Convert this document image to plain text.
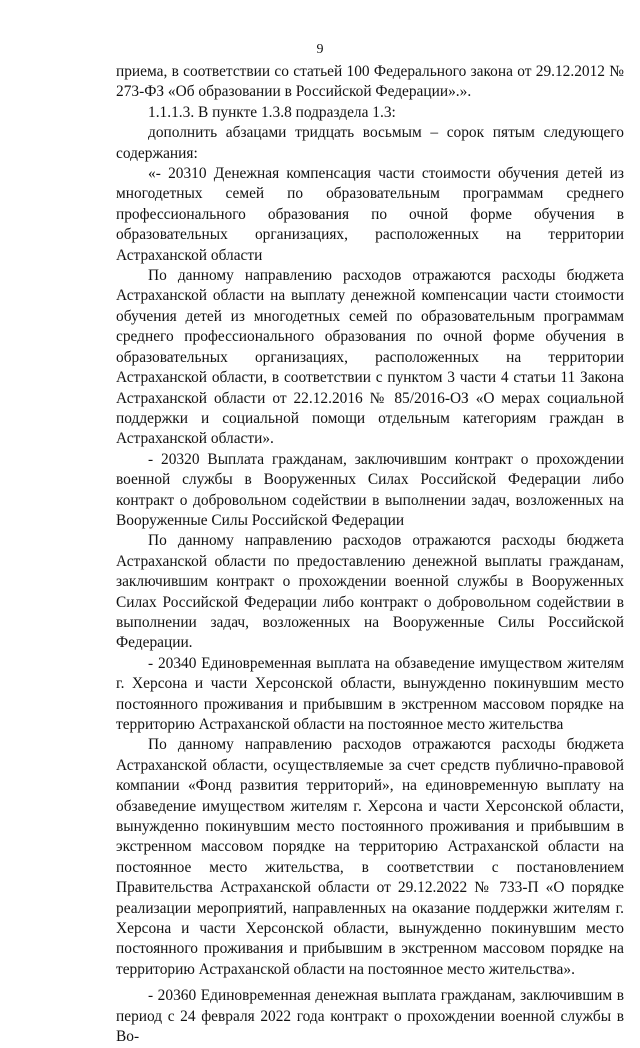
9

приема, в соответствии со статьей 100 Федерального закона от 29.12.2012 № 273-ФЗ «Об образовании в Российской Федерации».».

1.1.1.3. В пункте 1.3.8 подраздела 1.3:

дополнить абзацами тридцать восьмым – сорок пятым следующего содержания:

«- 20310 Денежная компенсация части стоимости обучения детей из многодетных семей по образовательным программам среднего профессионального образования по очной форме обучения в образовательных организациях, расположенных на территории Астраханской области

По данному направлению расходов отражаются расходы бюджета Астраханской области на выплату денежной компенсации части стоимости обучения детей из многодетных семей по образовательным программам среднего профессионального образования по очной форме обучения в образовательных организациях, расположенных на территории Астраханской области, в соответствии с пунктом 3 части 4 статьи 11 Закона Астраханской области от 22.12.2016 № 85/2016-ОЗ «О мерах социальной поддержки и социальной помощи отдельным категориям граждан в Астраханской области».

- 20320 Выплата гражданам, заключившим контракт о прохождении военной службы в Вооруженных Силах Российской Федерации либо контракт о добровольном содействии в выполнении задач, возложенных на Вооруженные Силы Российской Федерации

По данному направлению расходов отражаются расходы бюджета Астраханской области по предоставлению денежной выплаты гражданам, заключившим контракт о прохождении военной службы в Вооруженных Силах Российской Федерации либо контракт о добровольном содействии в выполнении задач, возложенных на Вооруженные Силы Российской Федерации.

- 20340 Единовременная выплата на обзаведение имуществом жителям г. Херсона и части Херсонской области, вынужденно покинувшим место постоянного проживания и прибывшим в экстренном массовом порядке на территорию Астраханской области на постоянное место жительства

По данному направлению расходов отражаются расходы бюджета Астраханской области, осуществляемые за счет средств публично-правовой компании «Фонд развития территорий», на единовременную выплату на обзаведение имуществом жителям г. Херсона и части Херсонской области, вынужденно покинувшим место постоянного проживания и прибывшим в экстренном массовом порядке на территорию Астраханской области на постоянное место жительства, в соответствии с постановлением Правительства Астраханской области от 29.12.2022 № 733-П «О порядке реализации мероприятий, направленных на оказание поддержки жителям г. Херсона и части Херсонской области, вынужденно покинувшим место постоянного проживания и прибывшим в экстренном массовом порядке на территорию Астраханской области на постоянное место жительства».

- 20360 Единовременная денежная выплата гражданам, заключившим в период с 24 февраля 2022 года контракт о прохождении военной службы в Во-
